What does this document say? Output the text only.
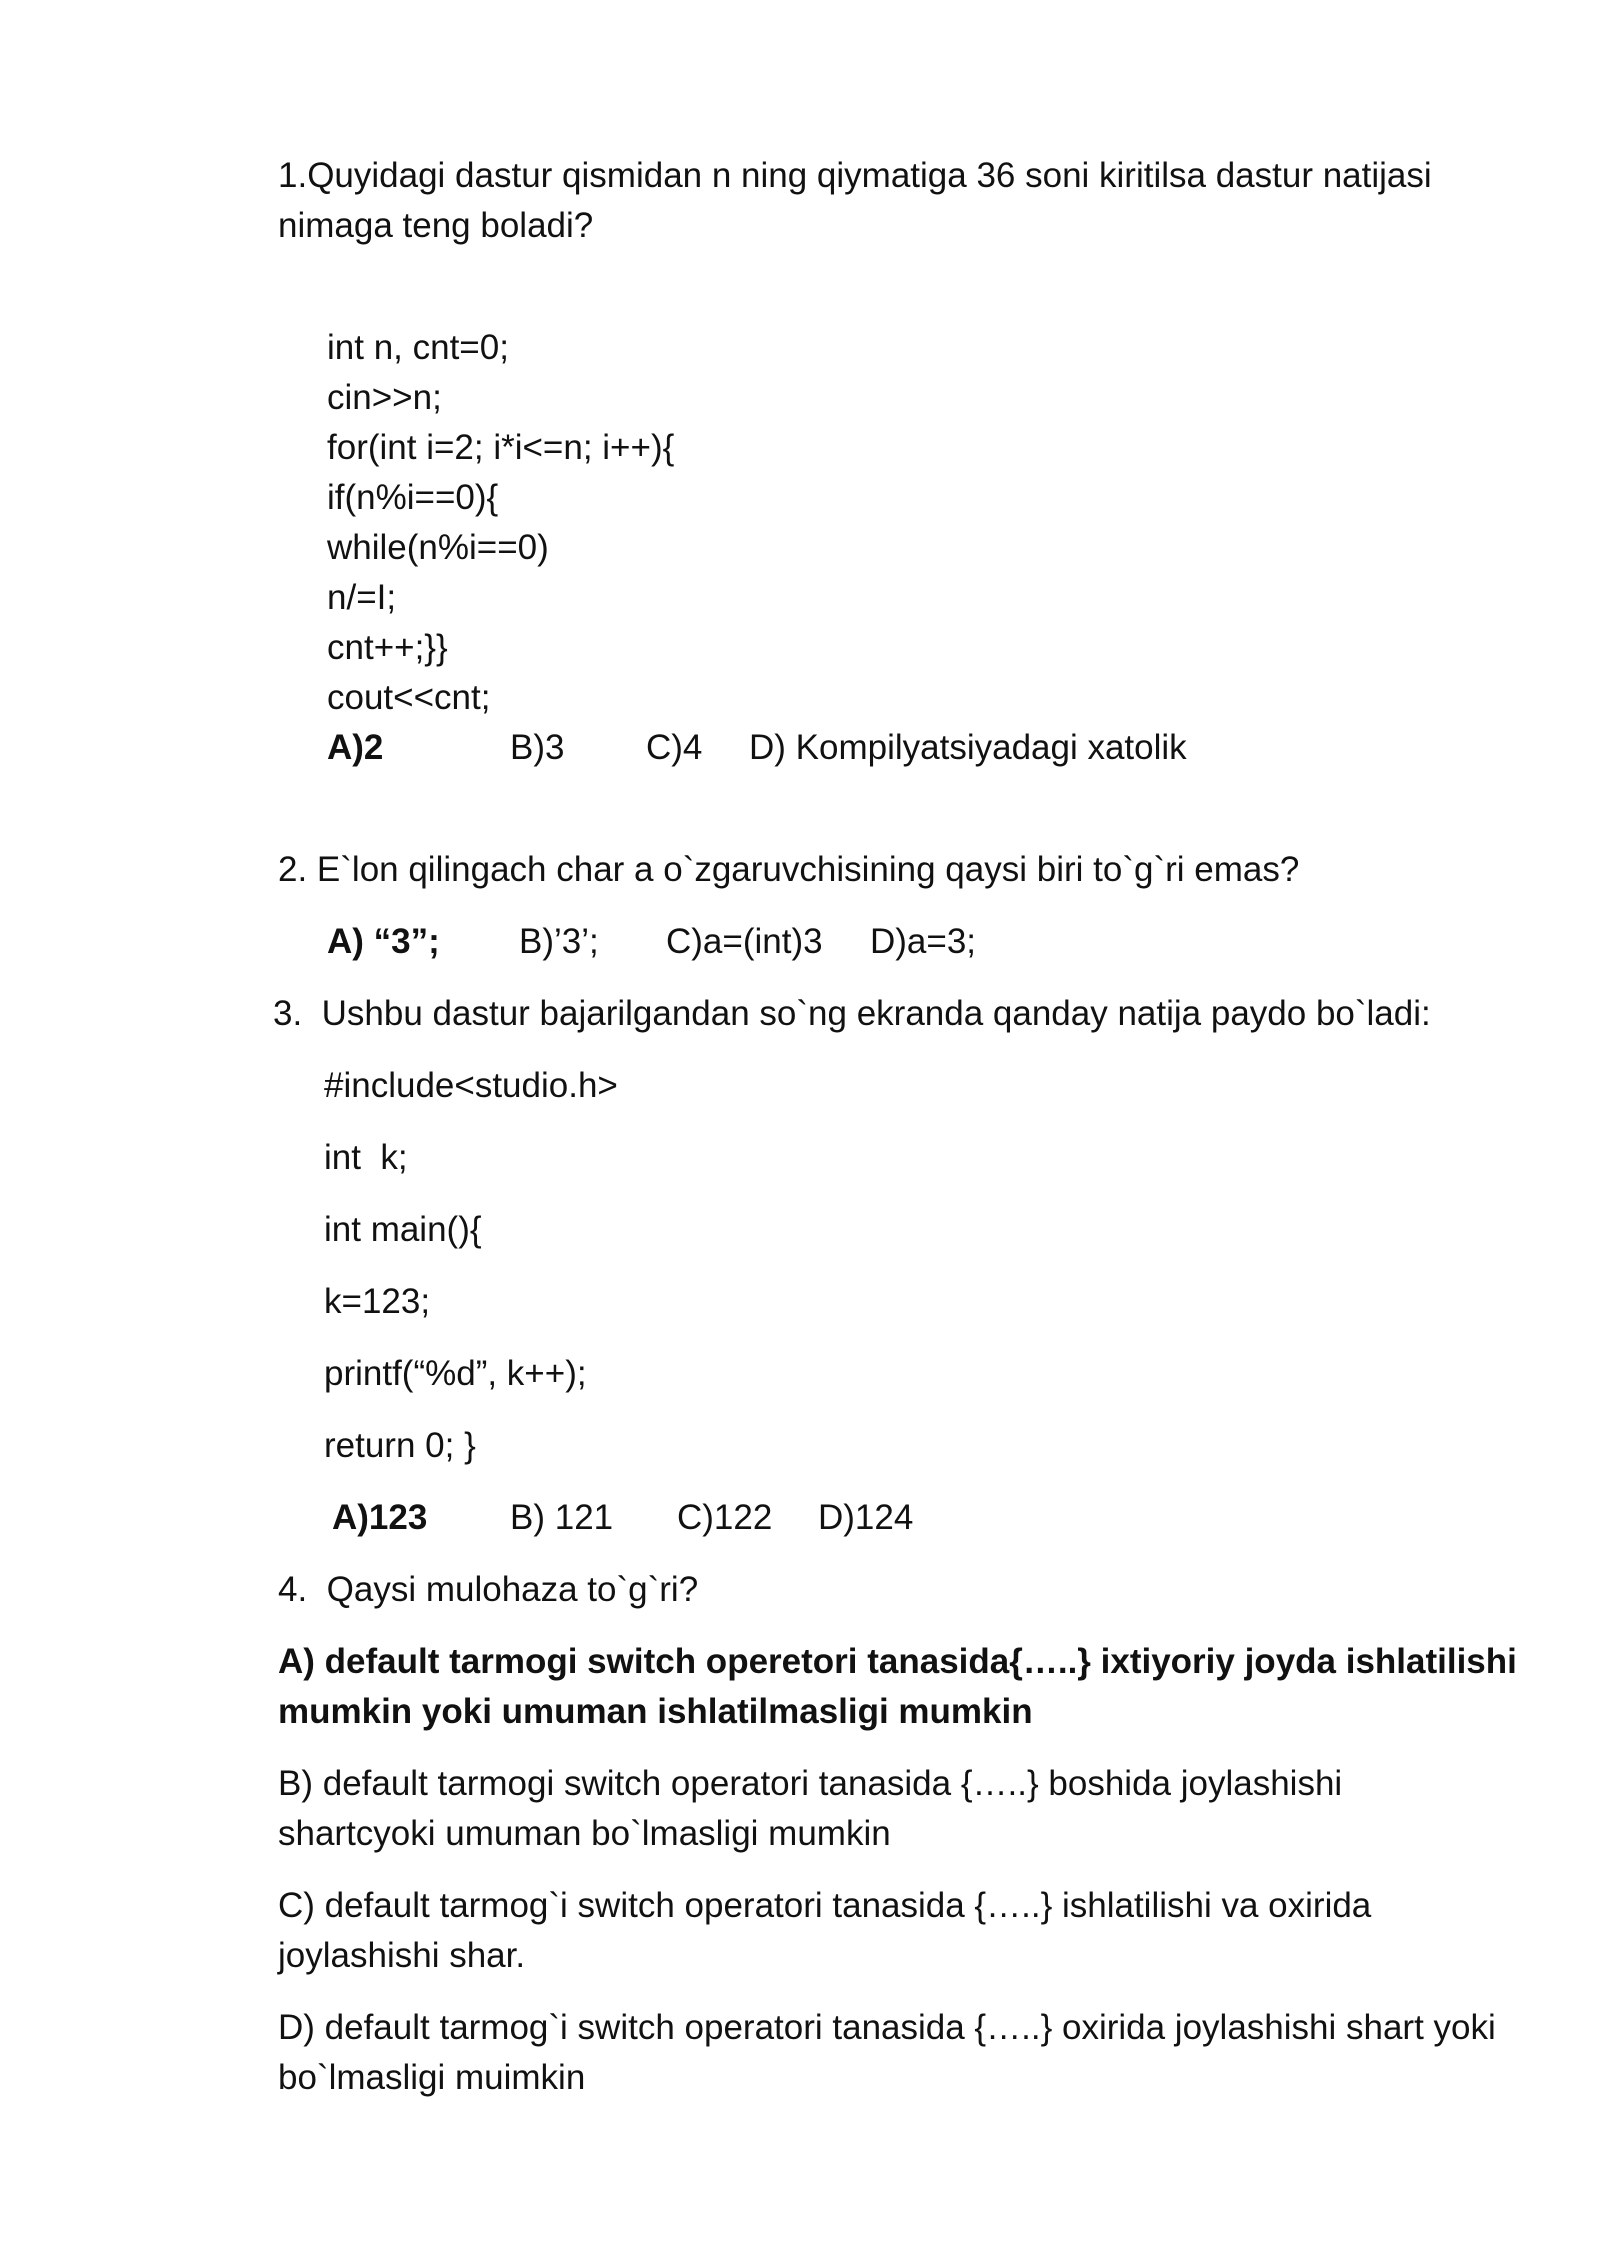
1.Quyidagi dastur qismidan n ning qiymatiga 36 soni kiritilsa dastur natijasi
nimaga teng boladi?
int n, cnt=0;
cin>>n;
for(int i=2; i*i<=n; i++){
if(n%i==0){
while(n%i==0)
n/=I;
cnt++;}}
cout<<cnt;
A)2	B)3 C)4 D) Kompilyatsiyadagi xatolik
2. E`lon qilingach char a o`zgaruvchisining qaysi biri to`g`ri emas?
A) “3”; B)’3’; C)a=(int)3 D)a=3;
3.  Ushbu dastur bajarilgandan so`ng ekranda qanday natija paydo bo`ladi:
#include<studio.h>
int  k;
int main(){
k=123;
printf(“%d”, k++);
return 0; }
A)123 B) 121 C)122 D)124
4.  Qaysi mulohaza to`g`ri?
A) default tarmogi switch operetori tanasida{…..} ixtiyoriy joyda ishlatilishi
mumkin yoki umuman ishlatilmasligi mumkin
B) default tarmogi switch operatori tanasida {…..} boshida joylashishi
shartcyoki umuman bo`lmasligi mumkin
C) default tarmog`i switch operatori tanasida {…..} ishlatilishi va oxirida
joylashishi shar.
D) default tarmog`i switch operatori tanasida {…..} oxirida joylashishi shart yoki
bo`lmasligi muimkin
